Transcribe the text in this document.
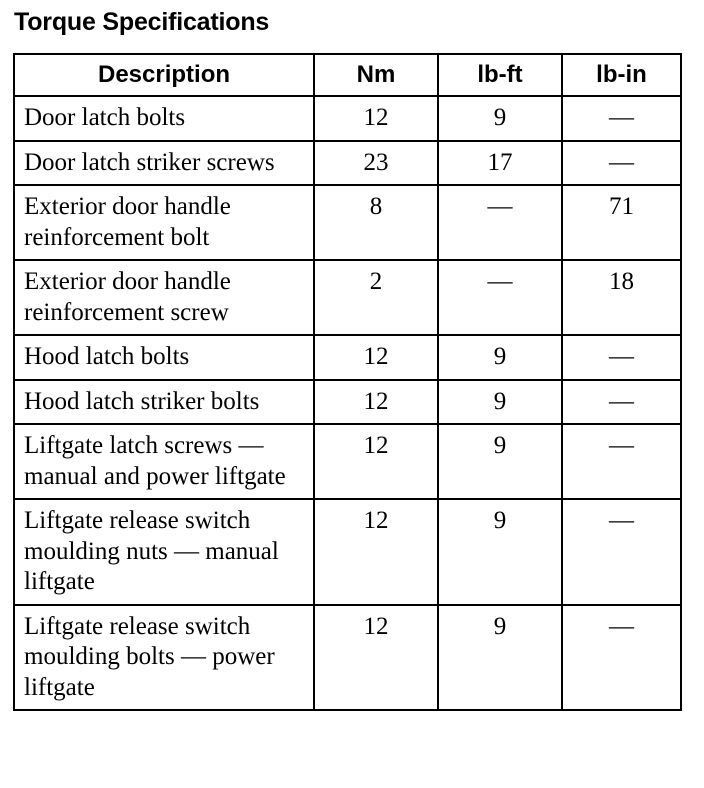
Torque Specifications
Description	Nm	lb-ft	lb-in
Door latch bolts	12	9	—
Door latch striker screws	23	17	—
Exterior door handle reinforcement bolt	8	—	71
Exterior door handle reinforcement screw	2	—	18
Hood latch bolts	12	9	—
Hood latch striker bolts	12	9	—
Liftgate latch screws — manual and power liftgate	12	9	—
Liftgate release switch moulding nuts — manual liftgate	12	9	—
Liftgate release switch moulding bolts — power liftgate	12	9	—
